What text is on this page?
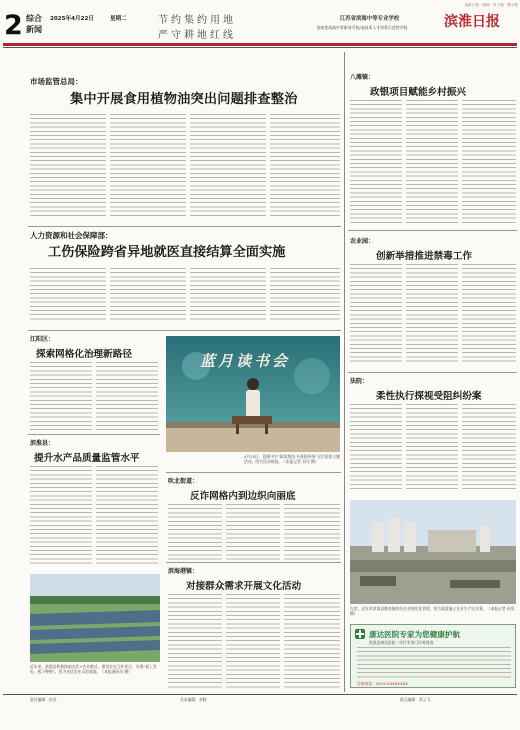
滨淮日报 · 版面 · 电子版 · 数字报
2 综合
新闻
2025年4月22日	星期二	节约集约用地
严守耕地红线
江苏省滨海中等专业学校
国家优质高中等职业学校/高技术人才培养示范性学校	滨淮日报
市场监管总局：
集中开展食用植物油突出问题排查整治
人力资源和社会保障部：
工伤保险跨省异地就医直接结算全面实施
江阳区：
探索网格化治理新路径
滨淮县：
提升水产品质量监管水平
蓝月读书会
4月15日，悬淮中学“阅读悦读·书香阅传统”全民阅读主题活动。图为活动现场。（本报记者 刘写 摄）
吹北街道：
反诈网格内到边织向丽底
近年来，滨淮县积极探索光伏+农业模式，建设农光互补项目，实现“板上发电、板下种植”。图为光伏农业示范基地。（本报通讯员 摄）
滨海港镇：
对接群众需求开展文化活动
八滩镇：
政银项目赋能乡村振兴
农业园：
创新举措推进禁毒工作
法院：
柔性执行探视受阻纠纷案
在滨，近年来滨淮县推进搅拌站企业规范化管理，图为某混凝土企业生产区实景。（本报记者 孙昊 摄）
康达医院专家为您健康护航
滨淮县康达医院 · 诊疗专家门诊时间表
咨询电话：0515-XXXXXXXX
责任编辑：孙昊	美术编辑：李晓	版式编辑：蔡云飞
